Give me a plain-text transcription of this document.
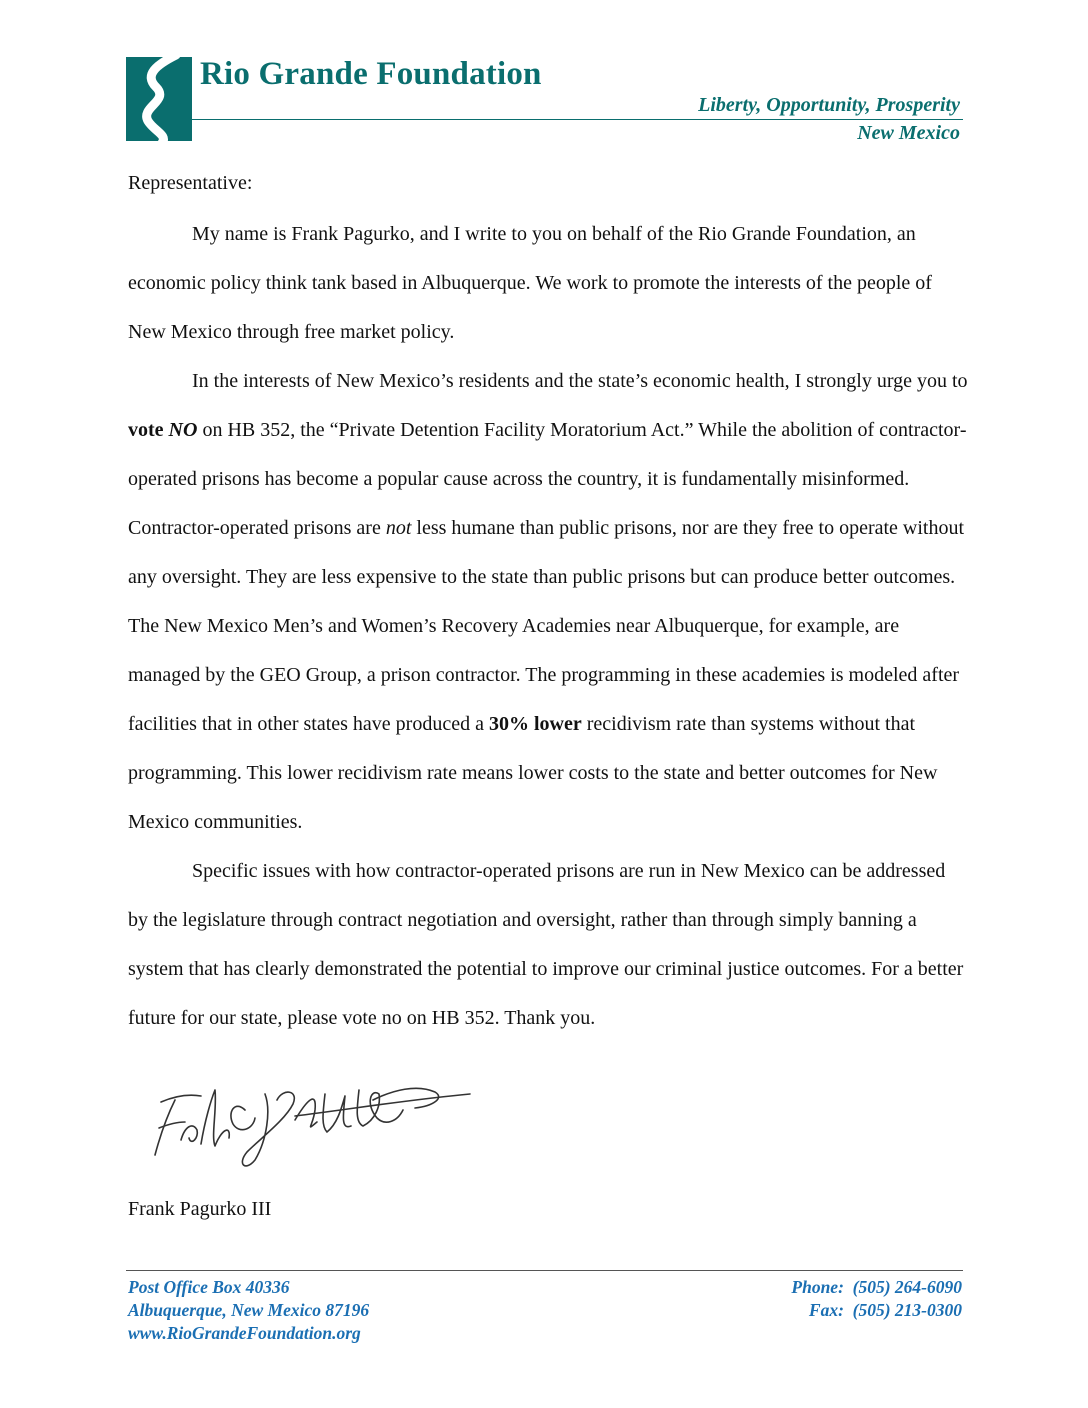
Rio Grande Foundation
Liberty, Opportunity, Prosperity
New Mexico

Representative:

My name is Frank Pagurko, and I write to you on behalf of the Rio Grande Foundation, an economic policy think tank based in Albuquerque. We work to promote the interests of the people of New Mexico through free market policy.

In the interests of New Mexico’s residents and the state’s economic health, I strongly urge you to vote NO on HB 352, the “Private Detention Facility Moratorium Act.” While the abolition of contractor-operated prisons has become a popular cause across the country, it is fundamentally misinformed. Contractor-operated prisons are not less humane than public prisons, nor are they free to operate without any oversight. They are less expensive to the state than public prisons but can produce better outcomes. The New Mexico Men’s and Women’s Recovery Academies near Albuquerque, for example, are managed by the GEO Group, a prison contractor. The programming in these academies is modeled after facilities that in other states have produced a 30% lower recidivism rate than systems without that programming. This lower recidivism rate means lower costs to the state and better outcomes for New Mexico communities.

Specific issues with how contractor-operated prisons are run in New Mexico can be addressed by the legislature through contract negotiation and oversight, rather than through simply banning a system that has clearly demonstrated the potential to improve our criminal justice outcomes. For a better future for our state, please vote no on HB 352. Thank you.

Frank Pagurko III

Post Office Box 40336
Albuquerque, New Mexico 87196
www.RioGrandeFoundation.org
Phone:  (505) 264-6090
Fax:  (505) 213-0300
